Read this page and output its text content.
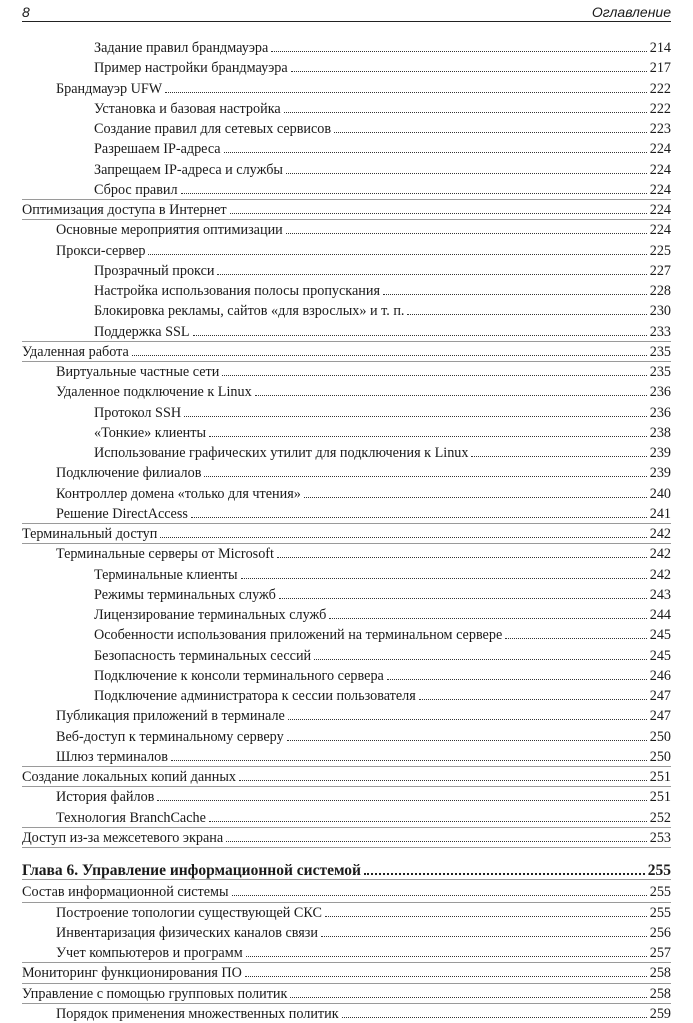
8	Оглавление
Задание правил брандмауэра	214
Пример настройки брандмауэра	217
Брандмауэр UFW	222
Установка и базовая настройка	222
Создание правил для сетевых сервисов	223
Разрешаем IP-адреса	224
Запрещаем IP-адреса и службы	224
Сброс правил	224
Оптимизация доступа в Интернет	224
Основные мероприятия оптимизации	224
Прокси-сервер	225
Прозрачный прокси	227
Настройка использования полосы пропускания	228
Блокировка рекламы, сайтов «для взрослых» и т. п.	230
Поддержка SSL	233
Удаленная работа	235
Виртуальные частные сети	235
Удаленное подключение к Linux	236
Протокол SSH	236
«Тонкие» клиенты	238
Использование графических утилит для подключения к Linux	239
Подключение филиалов	239
Контроллер домена «только для чтения»	240
Решение DirectAccess	241
Терминальный доступ	242
Терминальные серверы от Microsoft	242
Терминальные клиенты	242
Режимы терминальных служб	243
Лицензирование терминальных служб	244
Особенности использования приложений на терминальном сервере	245
Безопасность терминальных сессий	245
Подключение к консоли терминального сервера	246
Подключение администратора к сессии пользователя	247
Публикация приложений в терминале	247
Веб-доступ к терминальному серверу	250
Шлюз терминалов	250
Создание локальных копий данных	251
История файлов	251
Технология BranchCache	252
Доступ из-за межсетевого экрана	253
Глава 6. Управление информационной системой	255
Состав информационной системы	255
Построение топологии существующей СКС	255
Инвентаризация физических каналов связи	256
Учет компьютеров и программ	257
Мониторинг функционирования ПО	258
Управление с помощью групповых политик	258
Порядок применения множественных политик	259
